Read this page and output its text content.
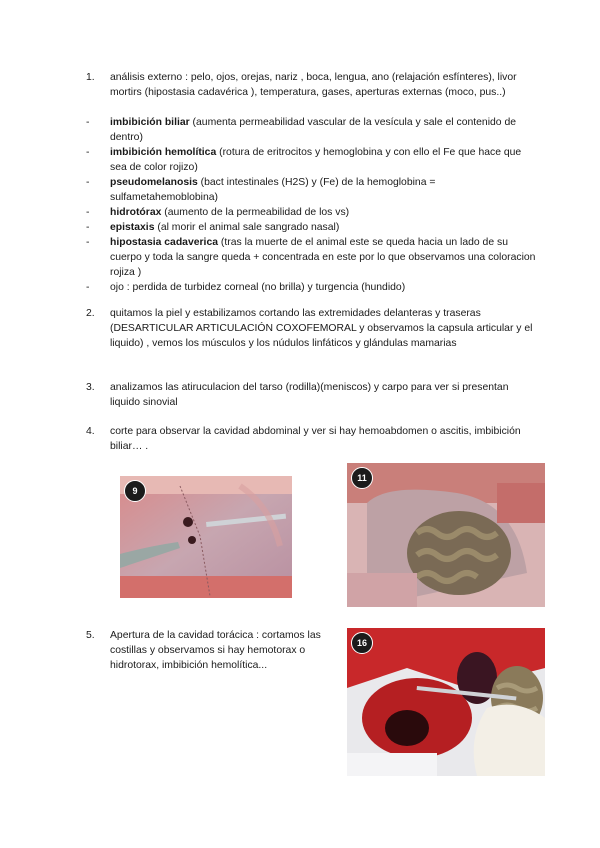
1.	análisis externo : pelo, ojos, orejas, nariz , boca, lengua, ano (relajación esfínteres), livor mortirs (hipostasia cadavérica ), temperatura, gases, aperturas externas (moco, pus..)
-	imbibición biliar (aumenta permeabilidad vascular de la vesícula y sale el contenido de dentro)
-	imbibición hemolítica (rotura de eritrocitos y hemoglobina y con ello el Fe que hace que sea de color rojizo)
-	pseudomelanosis (bact intestinales (H2S) y (Fe) de la hemoglobina = sulfametahemoblobina)
-	hidrotórax (aumento de la permeabilidad de los vs)
-	epistaxis (al morir el animal sale sangrado nasal)
-	hipostasia cadaverica (tras la muerte de el animal este se queda hacia un lado de su cuerpo y toda la sangre queda + concentrada en este por lo que observamos una coloracion rojiza )
-	ojo : perdida de turbidez corneal (no brilla) y turgencia (hundido)
2.	quitamos la piel y estabilizamos cortando las extremidades delanteras y traseras (DESARTICULAR ARTICULACIÓN COXOFEMORAL y observamos la capsula articular y el liquido) , vemos los músculos y los núdulos linfáticos y glándulas mamarias
3.	analizamos las atiruculacion del tarso (rodilla)(meniscos) y carpo para ver si presentan liquido sinovial
4.	corte para observar la cavidad abdominal y ver si hay hemoabdomen o ascitis, imbibición biliar… .
9
11
5.	Apertura de la cavidad torácica : cortamos las costillas y observamos si hay hemotorax o hidrotorax, imbibición hemolítica...
16
